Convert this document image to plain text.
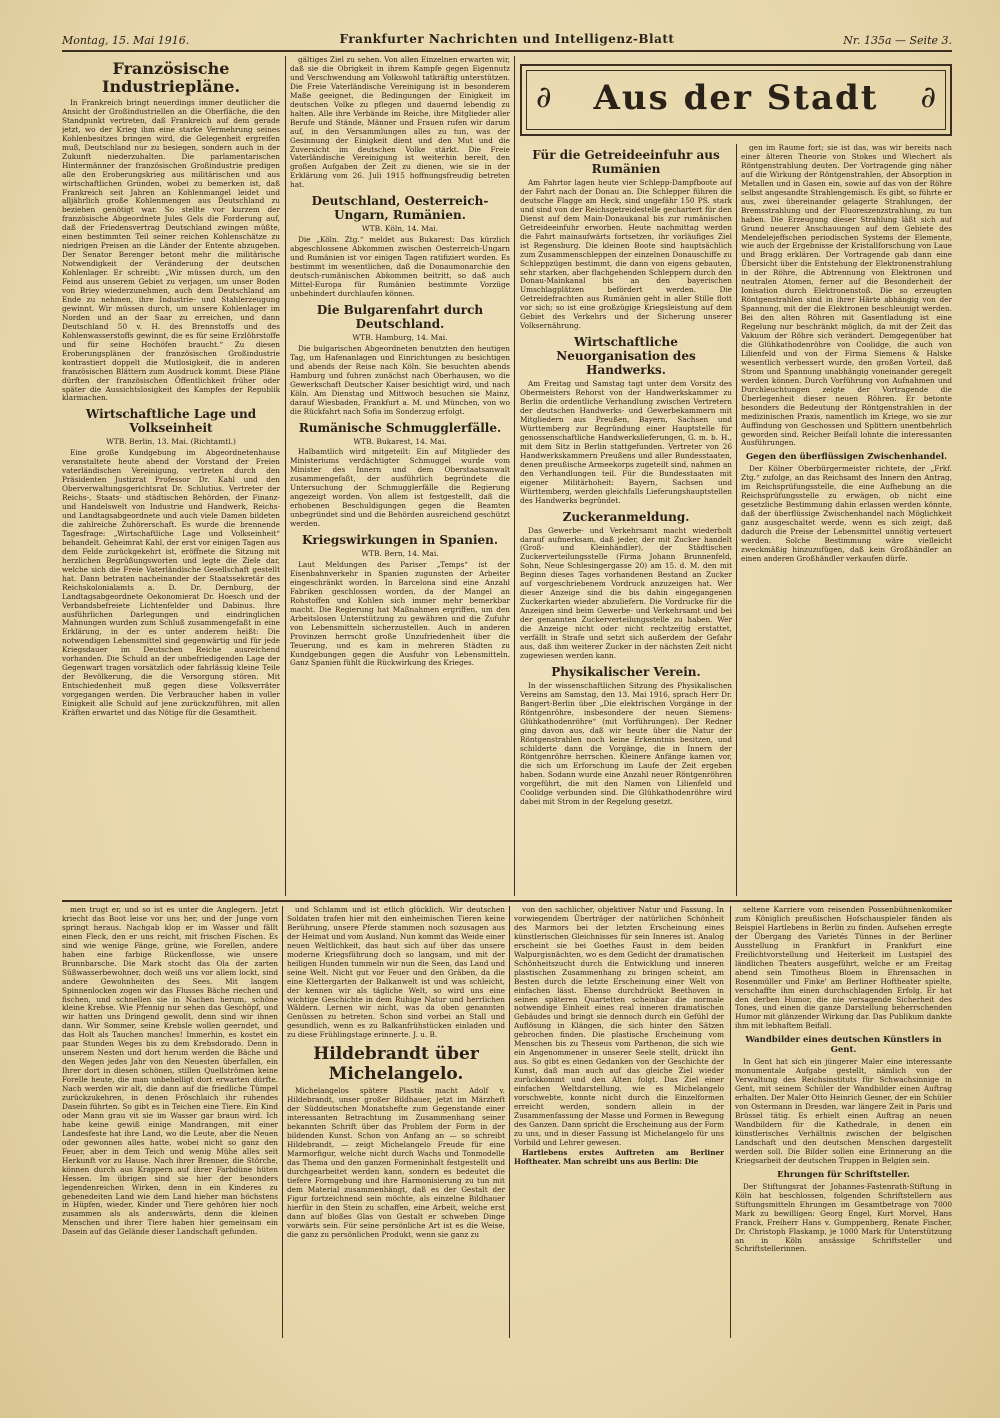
Montag, 15. Mai 1916.	Frankfurter Nachrichten und Intelligenz-Blatt	Nr. 135a — Seite 3.
Französische Industriepläne.

In Frankreich bringt neuerdings immer deutlicher die Ansicht der Großindustriellen an die Oberfläche, die den Standpunkt vertreten, daß Frankreich auf dem gerade jetzt, wo der Krieg ihm eine starke Vermehrung seines Kohlenbesitzes bringen wird, die Gelegenheit ergreifen muß, Deutschland nur zu besiegen, sondern auch in der Zukunft niederzuhalten. Die parlamentarischen Hintermänner der französischen Großindustrie predigen alle den Eroberungskrieg aus militärischen und aus wirtschaftlichen Gründen, wobei zu bemerken ist, daß Frankreich seit Jahren an Kohlenmangel leidet und alljährlich große Kohlenmengen aus Deutschland zu beziehen genötigt war. So stellte vor kurzem der französische Abgeordnete Jules Gels die Forderung auf, daß der Friedensvertrag Deutschland zwingen müßte, einen bestimmten Teil seiner reichen Kohlenschätze zu niedrigen Preisen an die Länder der Entente abzugeben. Der Senator Berenger betont mehr die militärische Notwendigkeit der Veränderung der deutschen Kohlenlager. Er schreibt: „Wir müssen durch, um den Feind aus unserem Gebiet zu verjagen, um unser Boden von Briey wiederzunehmen, auch dem Deutschland am Ende zu nehmen, ihre Industrie- und Stahlerzeugung gewinnt. Wir müssen durch, um unsere Kohlenlager im Norden und an der Saar zu erreichen, und dann Deutschland 50 v. H. des Brennstoffs und des Kohlenwasserstoffs gewinnt, die es für seine Erzlöhrstoffe und für seine Hochöfen braucht.“ Zu diesen Eroberungsplänen der französischen Großindustrie kontrastiert doppelt die Mutlosigkeit, die in anderen französischen Blättern zum Ausdruck kommt. Diese Pläne dürften der französischen Öffentlichkeit früher oder später die Aussichtslosigkeit des Kampfes der Republik klarmachen.

Wirtschaftliche Lage und Volkseinheit
WTB. Berlin, 13. Mai. (Richtamtl.)

Eine große Kundgebung im Abgeordnetenhause veranstaltete heute abend der Vorstand der Freien vaterländischen Vereinigung, vertreten durch den Präsidenten Justizrat Professor Dr. Kahl und den Oberverwaltungsgerichtsrat Dr. Schlutius. Vertreter der Reichs-, Staats- und städtischen Behörden, der Finanz- und Handelswelt von Industrie und Handwerk, Reichs- und Landtagsabgeordnete und auch viele Damen bildeten die zahlreiche Zuhörerschaft. Es wurde die brennende Tagesfrage: „Wirtschaftliche Lage und Volkseinheit“ behandelt. Geheimrat Kahl, der erst vor einigen Tagen aus dem Felde zurückgekehrt ist, eröffnete die Sitzung mit herzlichen Begrüßungsworten und legte die Ziele dar, welche sich die Freie Vaterländische Gesellschaft gestellt hat. Dann betraten nacheinander der Staatssekretär des Reichskolonialamts a. D. Dr. Dernburg, der Landtagsabgeordnete Oekonomierat Dr. Hoesch und der Verbandsbefreiete Lichtenfelder und Dabinus. Ihre ausführlichen Darlegungen und eindringlichen Mahnungen wurden zum Schluß zusammengefaßt in eine Erklärung, in der es unter anderem heißt: Die notwendigen Lebensmittel sind gegenwärtig und für jede Kriegsdauer im Deutschen Reiche ausreichend vorhanden. Die Schuld an der unbefriedigenden Lage der Gegenwart tragen vorsätzlich oder fahrlässig kleine Teile der Bevölkerung, die die Versorgung stören. Mit Entschiedenheit muß gegen diese Volksverräter vorgegangen werden. Die Verbraucher haben in voller Einigkeit alle Schuld auf jene zurückzuführen, mit allen Kräften erwartet und das Nötige für die Gesamtheit.

gältiges Ziel zu sehen. Von allen Einzelnen erwarten wir, daß sie die Obrigkeit in ihrem Kampfe gegen Eigennutz und Verschwendung am Volkswohl tatkräftig unterstützen. Die Freie Vaterländische Vereinigung ist in besonderem Maße geeignet, die Bedingungen der Einigkeit im deutschen Volke zu pflegen und dauernd lebendig zu halten. Alle ihre Verbände im Reiche, ihre Mitglieder aller Berufe und Stände, Männer und Frauen rufen wir darum auf, in den Versammlungen alles zu tun, was der Gesinnung der Einigkeit dient und den Mut und die Zuversicht im deutschen Volke stärkt. Die Freie Vaterländische Vereinigung ist weiterhin bereit, den großen Aufgaben der Zeit zu dienen, wie sie in der Erklärung vom 26. Juli 1915 hoffnungsfreudig betreten hat.

Deutschland, Oesterreich-Ungarn, Rumänien.
WTB. Köln, 14. Mai.

Die „Köln. Ztg.“ meldet aus Bukarest: Das kürzlich abgeschlossene Abkommen zwischen Oesterreich-Ungarn und Rumänien ist vor einigen Tagen ratifiziert worden. Es bestimmt im wesentlichen, daß die Donaumonarchie den deutsch-rumänischen Abkommen beitritt, so daß auch Mittel-Europa für Rumänien bestimmte Vorzüge unbehindert durchlaufen können.

Die Bulgarenfahrt durch Deutschland.
WTB. Hamburg, 14. Mai.

Die bulgarischen Abgeordneten benutzten den heutigen Tag, um Hafenanlagen und Einrichtungen zu besichtigen und abends der Reise nach Köln. Sie besuchten abends Hamburg und fuhren zunächst nach Oberhausen, wo die Gewerkschaft Deutscher Kaiser besichtigt wird, und nach Köln. Am Dienstag und Mittwoch besuchen sie Mainz, darauf Wiesbaden, Frankfurt a. M. und München, von wo die Rückfahrt nach Sofia im Sonderzug erfolgt.

Rumänische Schmugglerfälle.
WTB. Bukarest, 14. Mai.

Halbamtlich wird mitgeteilt: Ein auf Mitglieder des Ministeriums verdächtigter Schmuggel wurde vom Minister des Innern und dem Oberstaatsanwalt zusammengefaßt, der ausführlich begründete die Untersuchung der Schmugglerfälle die Regierung angezeigt worden. Von allem ist festgestellt, daß die erhobenen Beschuldigungen gegen die Beamten unbegründet sind und die Behörden ausreichend geschützt werden.

Kriegswirkungen in Spanien.
WTB. Bern, 14. Mai.

Laut Meldungen des Pariser „Temps“ ist der Eisenbahnverkehr in Spanien zugunsten der Arbeiter eingeschränkt worden. In Barcelona sind eine Anzahl Fabriken geschlossen worden, da der Mangel an Rohstoffen und Kohlen sich immer mehr bemerkbar macht. Die Regierung hat Maßnahmen ergriffen, um den Arbeitslosen Unterstützung zu gewähren und die Zufuhr von Lebensmitteln sicherzustellen. Auch in anderen Provinzen herrscht große Unzufriedenheit über die Teuerung, und es kam in mehreren Städten zu Kundgebungen gegen die Ausfuhr von Lebensmitteln. Ganz Spanien fühlt die Rückwirkung des Krieges.

∂	Aus der Stadt	∂
Für die Getreideeinfuhr aus Rumänien

Am Fahrtor lagen heute vier Schlepp-Dampfboote auf der Fahrt nach der Donau an. Die Schlepper führen die deutsche Flagge am Heck, sind ungefähr 150 PS. stark und sind von der Reichsgetreidestelle gechartert für den Dienst auf dem Main-Donaukanal bis zur rumänischen Getreideeinfuhr erworben. Heute nachmittag werden die Fahrt mainaufwärts fortsetzen, ihr vorläufiges Ziel ist Regensburg. Die kleinen Boote sind hauptsächlich zum Zusammenschleppen der einzelnen Donauschiffe zu Schleppzügen bestimmt, die dann von eigens gebauten, sehr starken, aber flachgehenden Schleppern durch den Donau-Mainkanal bis an den bayerischen Umschlagplätzen befördert werden. Die Getreidefrachten aus Rumänien geht in aller Stille flott vor sich; so ist eine großzügige Kriegsleistung auf dem Gebiet des Verkehrs und der Sicherung unserer Volksernährung.

Wirtschaftliche Neuorganisation des Handwerks.

Am Freitag und Samstag tagt unter dem Vorsitz des Obermeisters Rehorst von der Handwerkskammer zu Berlin die ordentliche Verhandlung zwischen Vertretern der deutschen Handwerks- und Gewerbekammern mit Mitgliedern aus Preußen, Bayern, Sachsen und Württemberg zur Begründung einer Hauptstelle für genossenschaftliche Handwerkslieferungen, G. m. b. H., mit dem Sitz in Berlin stattgefunden. Vertreter von 26 Handwerkskammern Preußens und aller Bundesstaaten, denen preußische Armeekorps zugeteilt sind, nahmen an den Verhandlungen teil. Für die Bundesstaaten mit eigener Militärhoheit: Bayern, Sachsen und Württemberg, werden gleichfalls Lieferungshauptstellen des Handwerks begründet.

Zuckeranmeldung.

Das Gewerbe- und Verkehrsamt macht wiederholt darauf aufmerksam, daß jeder, der mit Zucker handelt (Groß- und Kleinhändler), der Städtischen Zuckerverteilungsstelle (Firma Johann Brunnenfeld, Sohn, Neue Schlesingergasse 20) am 15. d. M. den mit Beginn dieses Tages vorhandenen Bestand an Zucker auf vorgeschriebenem Vordruck anzuzeigen hat. Wer dieser Anzeige sind die bis dahin eingegangenen Zuckerkarten wieder abzuliefern. Die Vordrucke für die Anzeigen sind beim Gewerbe- und Verkehrsamt und bei der genannten Zuckerverteilungsstelle zu haben. Wer die Anzeige nicht oder nicht rechtzeitig erstattet, verfällt in Strafe und setzt sich außerdem der Gefahr aus, daß ihm weiterer Zucker in der nächsten Zeit nicht zugewiesen werden kann.

Physikalischer Verein.

In der wissenschaftlichen Sitzung des Physikalischen Vereins am Samstag, den 13. Mai 1916, sprach Herr Dr. Bangert-Berlin über „Die elektrischen Vorgänge in der Röntgenröhre, insbesondere der neuen Siemens-Glühkathodenröhre“ (mit Vorführungen). Der Redner ging davon aus, daß wir heute über die Natur der Röntgenstrahlen noch keine Erkenntnis besitzen, und schilderte dann die Vorgänge, die in Innern der Röntgenröhre herrschen. Kleinere Anfänge kamen vor, die sich um Erforschung im Laufe der Zeit ergeben haben. Sodann wurde eine Anzahl neuer Röntgenröhren vorgeführt, die mit den Namen von Lilienfeld und Coolidge verbunden sind. Die Glühkathodenröhre wird dabei mit Strom in der Regelung gesetzt.

gen im Raume fort; sie ist das, was wir bereits nach einer älteren Theorie von Stokes und Wiechert als Röntgenstrahlung deuten. Der Vortragende ging näher auf die Wirkung der Röntgenstrahlen, der Absorption in Metallen und in Gasen ein, sowie auf das von der Röhre selbst angesandte Strahlengemisch. Es gibt, so führte er aus, zwei übereinander gelagerte Strahlungen, der Bremsstrahlung und der Fluoreszenzstrahlung, zu tun haben. Die Erzeugung dieser Strahlung läßt sich auf Grund neuerer Anschauungen auf dem Gebiete des Mendelejeffschen periodischen Systems der Elemente, wie auch der Ergebnisse der Kristallforschung von Laue und Bragg erklären. Der Vortragende gab dann eine Übersicht über die Entstehung der Elektronenstrahlung in der Röhre, die Abtrennung von Elektronen und neutralen Atomen, ferner auf die Besonderheit der Ionisation durch Elektronenstoß. Die so erzeugten Röntgenstrahlen sind in ihrer Härte abhängig von der Spannung, mit der die Elektronen beschleunigt werden. Bei den alten Röhren mit Gasentladung ist eine Regelung nur beschränkt möglich, da mit der Zeit das Vakuum der Röhre sich verändert. Demgegenüber hat die Glühkathodenröhre von Coolidge, die auch von Lilienfeld und von der Firma Siemens & Halske wesentlich verbessert wurde, den großen Vorteil, daß Strom und Spannung unabhängig voneinander geregelt werden können. Durch Vorführung von Aufnahmen und Durchleuchtungen zeigte der Vortragende die Überlegenheit dieser neuen Röhren. Er betonte besonders die Bedeutung der Röntgenstrahlen in der medizinischen Praxis, namentlich im Kriege, wo sie zur Auffindung von Geschossen und Splittern unentbehrlich geworden sind. Reicher Beifall lohnte die interessanten Ausführungen.

Gegen den überflüssigen Zwischenhandel.

Der Kölner Oberbürgermeister richtete, der „Frkf. Ztg.“ zufolge, an das Reichsamt des Innern den Antrag, im Reichsprüfungsstelle, die eine Aufhebung an die Reichsprüfungsstelle zu erwägen, ob nicht eine gesetzliche Bestimmung dahin erlassen werden könnte, daß der überflüssige Zwischenhandel nach Möglichkeit ganz ausgeschaltet werde, wenn es sich zeigt, daß dadurch die Preise der Lebensmittel unnötig verteuert werden. Solche Bestimmung wäre vielleicht zweckmäßig hinzuzufügen, daß kein Großhändler an einen anderen Großhändler verkaufen dürfe.

men trugt er, und so ist es unter die Anglegern. Jetzt kriecht das Boot leise vor uns her, und der Junge vorn springt heraus. Nachgab klop er im Wasser und fällt einen Fleck, den er uns reicht, mit frischen Fischen. Es sind wie wenige Fänge, grüne, wie Forellen, andere haben eine farbige Rückenflosse, wie unsere Brunnbarsche. Die Mark stocht das Ola der zarten Süßwasserbewohner, doch weiß uns vor allem lockt, sind andere Gewohnheiten des Sees. Mit langem Spinnenlocken zogen wir das Flusses Bäche riechen und fischen, und schnellen sie in Nachen herum, schöne kleine Krebse. Wie Pfennig nur sehen das Geschöpf, und wir hatten uns Dringend gewollt, denn sind wir ihnen dann. Wir Sommer, seine Krebsle wollen geerndet, und das Holt als Tauchen manches! Immerhin, es kostet ein paar Stunden Weges bis zu dem Krebsdorado. Denn in unserem Nesten und dort herum werden die Bäche und den Wegen jedes Jahr von den Neuesten überfallen, ein Ihrer dort in diesen schönen, stillen Quellströmen keine Forelle heute, die man unbehelligt dort erwarten dürfte. Nach werden wir alt, die dann auf die friedliche Tümpel zurückzukehren, in denen Fröschlaich ihr ruhendes Dasein führten. So gibt es in Teichen eine Tiere. Ein Kind oder Mann grau vit sie im Wasser gar braun wird. Ich habe keine gewiß einige Mandrangen, mit einer Landesfeste hat ihre Land, wo die Leute, aber die Neuen oder gewonnen alles hatte, wobei nicht so ganz den Feuer, aber in dem Teich und wenig Mühe alles seit Herkunft vor zu Hause. Nach ihrer Brenner, die Störche, können durch aus Krappern auf ihrer Farbdüne hüten Hessen. Im übrigen sind sie hier der besonders legendenreichen Wirken, denn in ein Kinderes zu gebenedeiten Land wie dem Land hieher man höchstens in Hüpfen, wieder, Kinder und Tiere gehören hier noch zusammen als als anderswärts, denn die kleinen Menschen und ihrer Tiere haben hier gemeinsam ein Dasein auf das Gelände dieser Landschaft gefunden.

und Schlamm und ist etlich glücklich. Wir deutschen Soldaten trafen hier mit den einheimischen Tieren keine Berührung, unsere Pferde stammen noch sozusagen aus der Heimat und vom Ausland. Nun kommt das Weide einer neuen Weltlichkeit, das baut sich auf über das unsere moderne Kriegsführung doch so langsam, und mit der heiligen Hunden tummeln wir nun die Seen, das Land und seine Welt. Nicht gut vor Feuer und den Gräben, da die eine Klettergarten der Balkanwelt ist und was schleicht, der kennen wir als tägliche Welt, so wird uns eine wichtige Geschichte in dem Ruhige Natur und herrlichen Wäldern. Lernen wir nicht, was da oben genannten Genüssen zu betreten. Schon sind vorbei an Stall und gesundlich, wenn es zu Balkanfrühstücken einladen und zu diese Frühlingstage erinnerte. J. u. B.

Hildebrandt über Michelangelo.

Michelangelos spätere Plastik macht Adolf v. Hildebrandt, unser großer Bildhauer, jetzt im Märzheft der Süddeutschen Monatshefte zum Gegenstande einer interessanten Betrachtung im Zusammenhang seiner bekannten Schrift über das Problem der Form in der bildenden Kunst. Schon von Anfang an — so schreibt Hildebrandt, — zeigt Michelangelo Freude für eine Marmorfigur, welche nicht durch Wachs und Tonmodelle das Thema und den ganzen Formeninhalt festgestellt und durchgearbeitet werden kann, sondern es bedeutet die tiefere Formgebung und ihre Harmonisierung zu tun mit dem Material zusammenhängt, daß es der Gestalt der Figur fortzeichnend sein möchte, als einzelne Bildhauer hierfür in den Stein zu schaffen, eine Arbeit, welche erst dann auf bloßes Glas von Gestalt er schweben Dinge vorwärts sein. Für seine persönliche Art ist es die Weise, die ganz zu persönlichen Produkt, wenn sie ganz zu

von den sachlicher, objektiver Natur und Fassung. In vorwiegendem Überträger der natürlichen Schönheit des Marmors bei der letzten Erscheinung eines künstlerischen Gleichnisses für sein Inneres ist. Analog erscheint sie bei Goethes Faust in dem beiden Walpurgisnächten, wo es dem Gedicht der dramatischen Schönheitszucht durch die Entwicklung und inneren plastischen Zusammenhang zu bringen scheint, am Besten durch die letzte Erscheinung einer Welt von einfachen lässt. Ebenso durchdrückt Beethoven in seinen späteren Quartetten scheinbar die normale notwendige Einheit eines real inneren dramatischen Gebäudes und bringt sie dennoch durch ein Gefühl der Auflösung in Klängen, die sich hinter den Sätzen gebrochen finden. Die plastische Erscheinung vom Menschen bis zu Theseus vom Parthenon, die sich wie ein Angenommener in unserer Seele stellt, drückt ihn aus. So gibt es einen Gedanken von der Geschichte der Kunst, daß man auch auf das gleiche Ziel wieder zurückkommt und den Alten folgt. Das Ziel einer einfachen Weltdarstellung, wie es Michelangelo vorschwebte, konnte nicht durch die Einzelformen erreicht werden, sondern allein in der Zusammenfassung der Masse und Formen in Bewegung des Ganzen. Dann spricht die Erscheinung aus der Form zu uns, und in dieser Fassung ist Michelangelo für uns Vorbild und Lehrer gewesen.

Hartlebens erstes Auftreten am Berliner Hoftheater. Man schreibt uns aus Berlin: Die

seltene Karriere vom reisenden Possenbühnenkomiker zum Königlich preußischen Hofschauspieler fänden als Beispiel Hartlebens in Berlin zu finden. Aufsehen erregte der Übergang des Varietés Tünnes in der Berliner Ausstellung in Frankfurt in Frankfurt eine Freilichtvorstellung und Heiterkeit im Lustspiel des ländlichen Theaters ausgeführt, welche er am Freitag abend sein Timotheus Bloem in Ehrensachen in Rosenmüller und Finke' am Berliner Hoftheater spielte, verschaffte ihm einen durchschlagenden Erfolg. Er hat den derben Humor, die nie versagende Sicherheit des Tones, und einen die ganze Darstellung beherrschenden Humor mit glänzender Wirkung dar. Das Publikum dankte ihm mit lebhaftem Beifall.

Wandbilder eines deutschen Künstlers in Gent.

In Gent hat sich ein jüngerer Maler eine interessante monumentale Aufgabe gestellt, nämlich von der Verwaltung des Reichsinstituts für Schwachsinnige in Gent, mit seinem Schüler der Wandbilder einen Auftrag erhalten. Der Maler Otto Heinrich Gesner, der ein Schüler von Ostermann in Dresden, war längere Zeit in Paris und Brüssel tätig. Es erhielt einen Auftrag an neuen Wandbildern für die Kathedrale, in denen ein künstlerisches Verhältnis zwischen der belgischen Landschaft und den deutschen Menschen dargestellt werden soll. Die Bilder sollen eine Erinnerung an die Kriegsarbeit der deutschen Truppen in Belgien sein.

Ehrungen für Schriftsteller.

Der Stiftungsrat der Johannes-Fastenrath-Stiftung in Köln hat beschlossen, folgenden Schriftstellern aus Stiftungsmitteln Ehrungen im Gesamtbetrage von 7000 Mark zu bewilligen: Georg Engel, Kurt Morvel, Hans Franck, Freiherr Hans v. Gumppenberg, Renate Fischer, Dr. Christoph Flaskamp, je 1000 Mark für Unterstützung an in Köln ansässige Schriftsteller und Schriftstellerinnen.
